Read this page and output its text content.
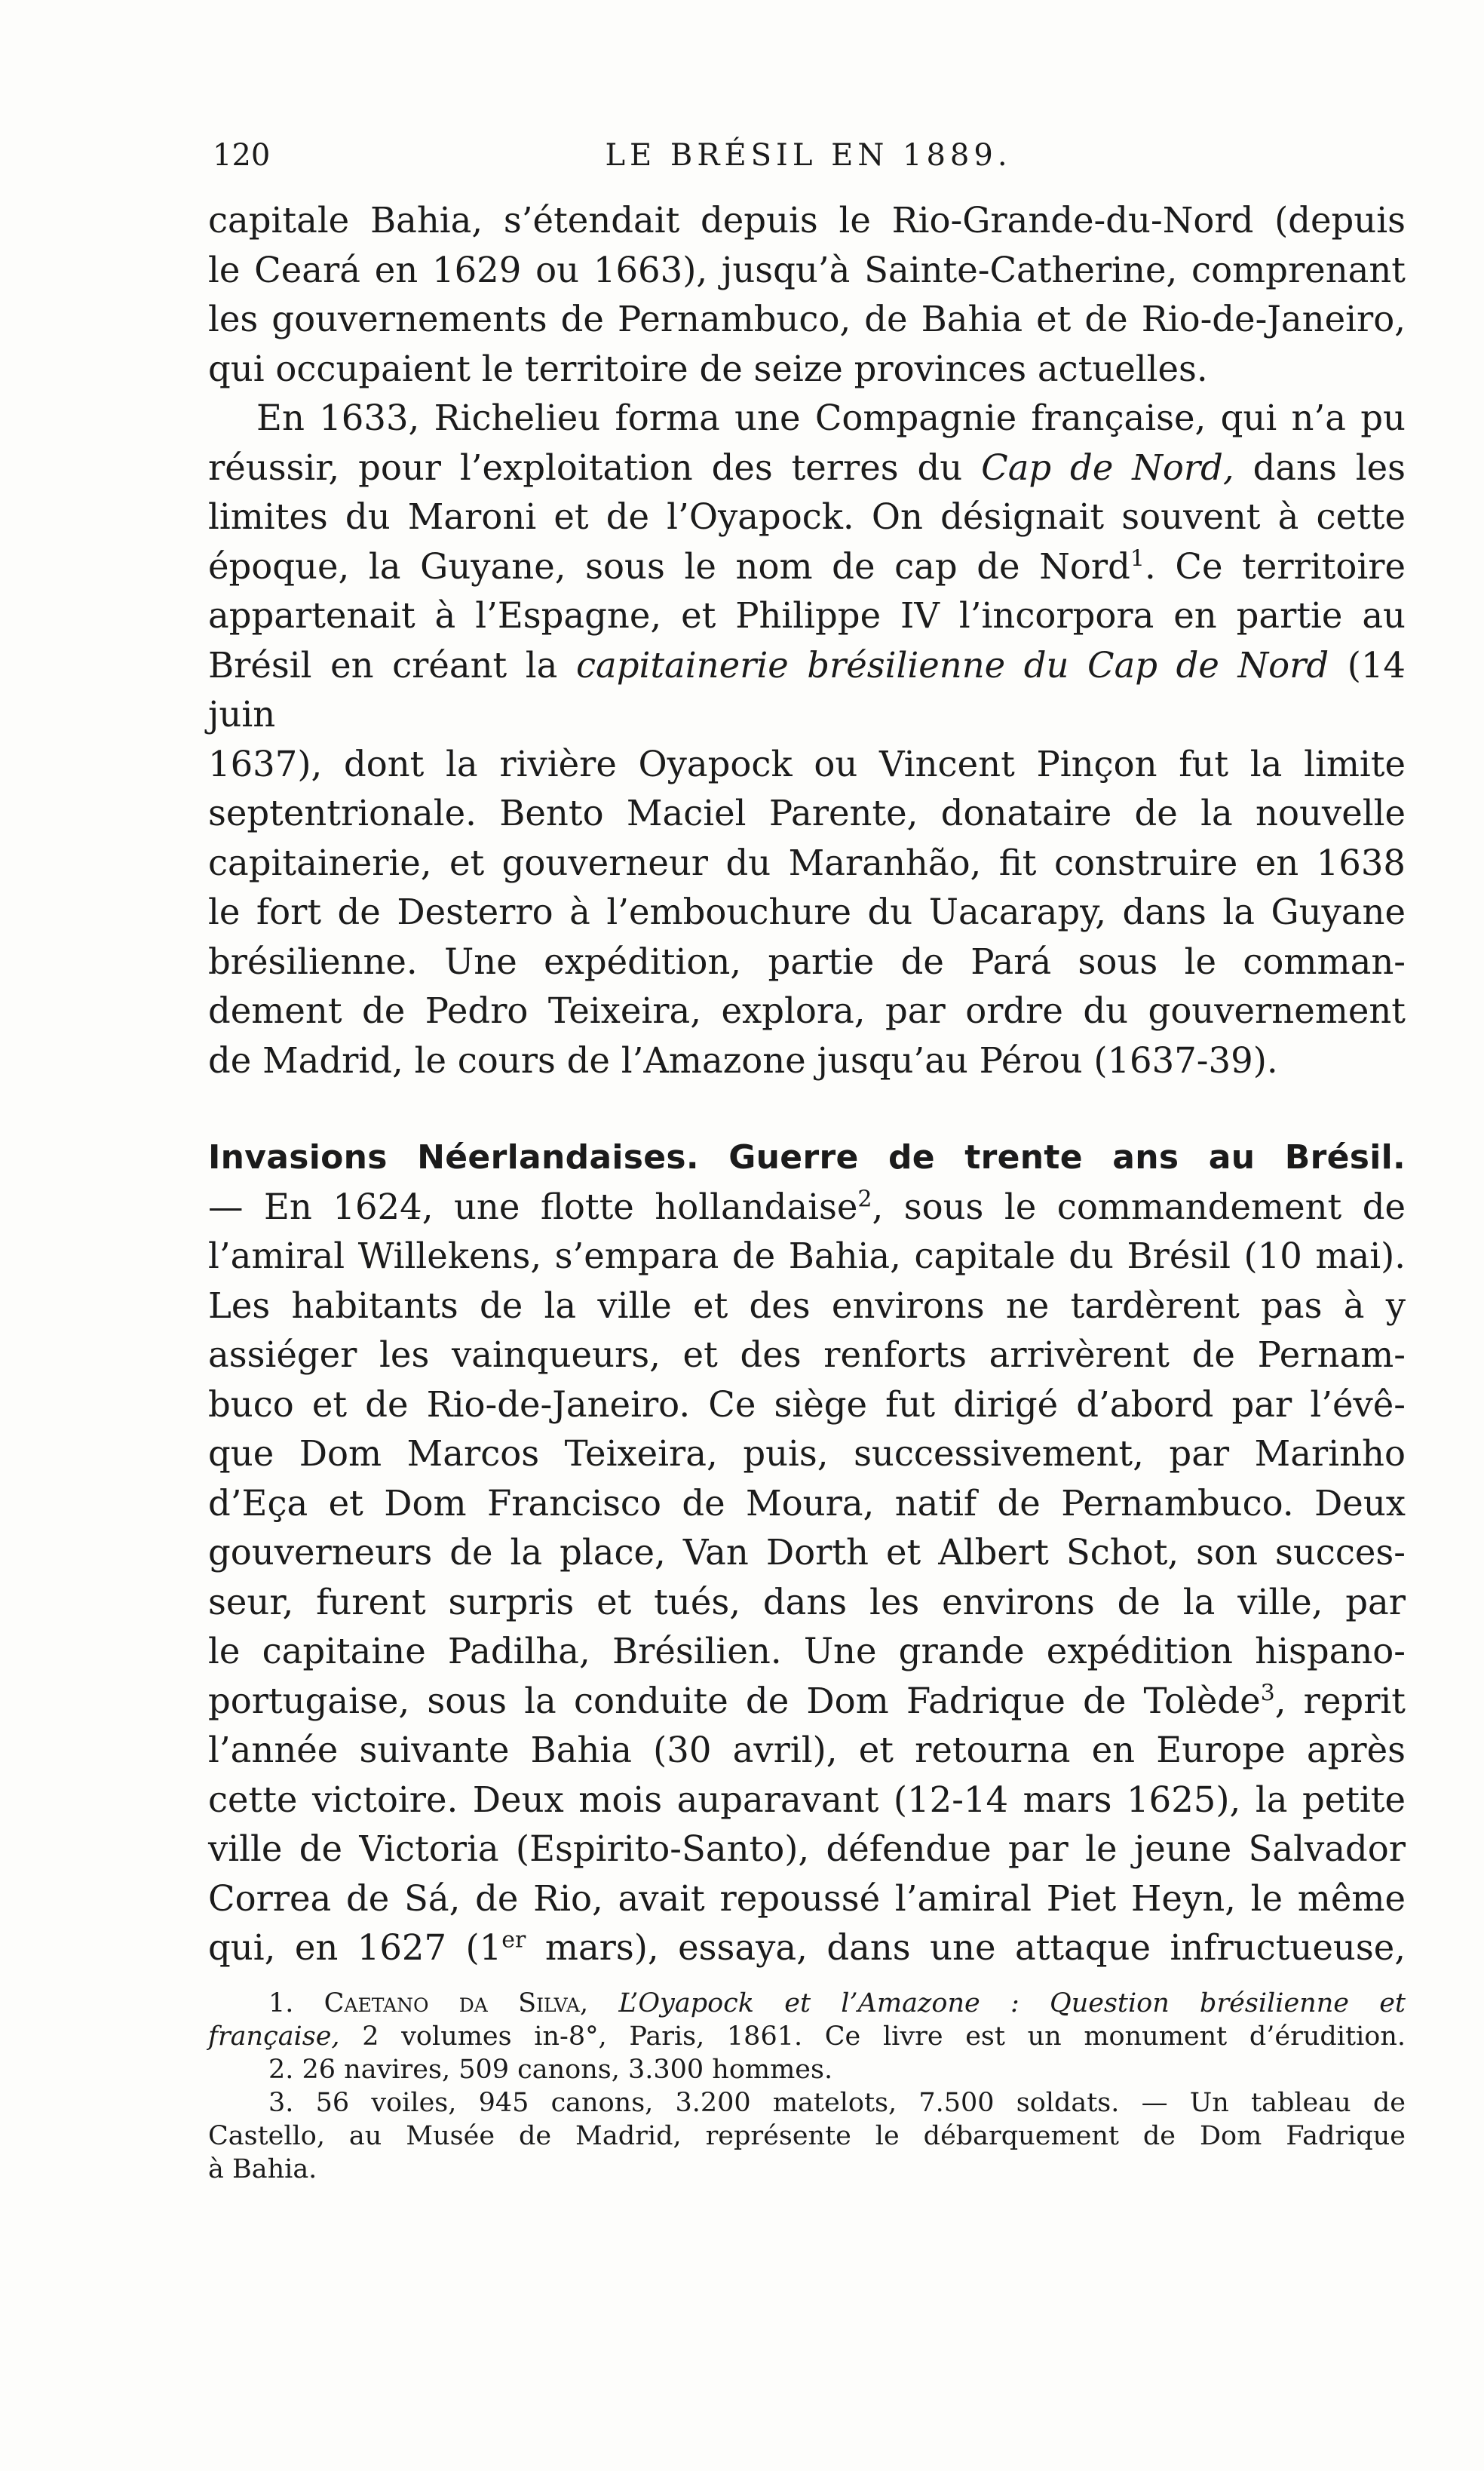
120	LE BRÉSIL EN 1889.
capitale Bahia, s’étendait depuis le Rio-Grande-du-Nord (depuis
le Ceará en 1629 ou 1663), jusqu’à Sainte-Catherine, comprenant
les gouvernements de Pernambuco, de Bahia et de Rio-de-Janeiro,
qui occupaient le territoire de seize provinces actuelles.
En 1633, Richelieu forma une Compagnie française, qui n’a pu
réussir, pour l’exploitation des terres du Cap de Nord, dans les
limites du Maroni et de l’Oyapock. On désignait souvent à cette
époque, la Guyane, sous le nom de cap de Nord$^1$. Ce territoire
appartenait à l’Espagne, et Philippe IV l’incorpora en partie au
Brésil en créant la capitainerie brésilienne du Cap de Nord (14 juin
1637), dont la rivière Oyapock ou Vincent Pinçon fut la limite
septentrionale. Bento Maciel Parente, donataire de la nouvelle
capitainerie, et gouverneur du Maranhão, fit construire en 1638
le fort de Desterro à l’embouchure du Uacarapy, dans la Guyane
brésilienne. Une expédition, partie de Pará sous le comman-
dement de Pedro Teixeira, explora, par ordre du gouvernement
de Madrid, le cours de l’Amazone jusqu’au Pérou (1637-39).
Invasions Néerlandaises. Guerre de trente ans au Brésil.
— En 1624, une flotte hollandaise$^2$, sous le commandement de
l’amiral Willekens, s’empara de Bahia, capitale du Brésil (10 mai).
Les habitants de la ville et des environs ne tardèrent pas à y
assiéger les vainqueurs, et des renforts arrivèrent de Pernam-
buco et de Rio-de-Janeiro. Ce siège fut dirigé d’abord par l’évê-
que Dom Marcos Teixeira, puis, successivement, par Marinho
d’Eça et Dom Francisco de Moura, natif de Pernambuco. Deux
gouverneurs de la place, Van Dorth et Albert Schot, son succes-
seur, furent surpris et tués, dans les environs de la ville, par
le capitaine Padilha, Brésilien. Une grande expédition hispano-
portugaise, sous la conduite de Dom Fadrique de Tolède$^3$, reprit
l’année suivante Bahia (30 avril), et retourna en Europe après
cette victoire. Deux mois auparavant (12-14 mars 1625), la petite
ville de Victoria (Espirito-Santo), défendue par le jeune Salvador
Correa de Sá, de Rio, avait repoussé l’amiral Piet Heyn, le même
qui, en 1627 (1er mars), essaya, dans une attaque infructueuse,
1. Caetano da Silva, L’Oyapock et l’Amazone : Question brésilienne et
française, 2 volumes in-8°, Paris, 1861. Ce livre est un monument d’érudition.
2. 26 navires, 509 canons, 3.300 hommes.
3. 56 voiles, 945 canons, 3.200 matelots, 7.500 soldats. — Un tableau de
Castello, au Musée de Madrid, représente le débarquement de Dom Fadrique
à Bahia.
